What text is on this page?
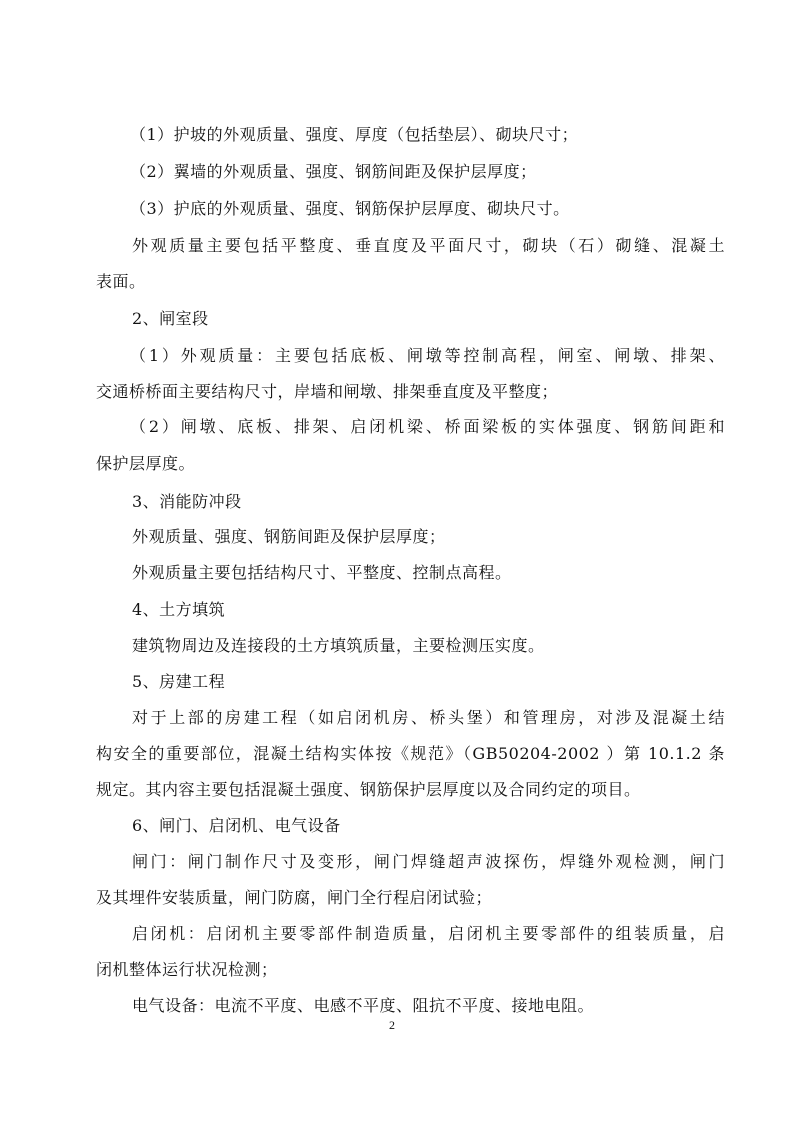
（1）护坡的外观质量、强度、厚度（包括垫层）、砌块尺寸；
（2）翼墙的外观质量、强度、钢筋间距及保护层厚度；
（3）护底的外观质量、强度、钢筋保护层厚度、砌块尺寸。
外观质量主要包括平整度、垂直度及平面尺寸，砌块（石）砌缝、混凝土
表面。
2、闸室段
（1）外观质量：主要包括底板、闸墩等控制高程，闸室、闸墩、排架、
交通桥桥面主要结构尺寸，岸墙和闸墩、排架垂直度及平整度；
（2）闸墩、底板、排架、启闭机梁、桥面梁板的实体强度、钢筋间距和
保护层厚度。
3、消能防冲段
外观质量、强度、钢筋间距及保护层厚度；
外观质量主要包括结构尺寸、平整度、控制点高程。
4、土方填筑
建筑物周边及连接段的土方填筑质量，主要检测压实度。
5、房建工程
对于上部的房建工程（如启闭机房、桥头堡）和管理房，对涉及混凝土结
构安全的重要部位，混凝土结构实体按《规范》（GB50204-2002 ）第 10.1.2 条
规定。其内容主要包括混凝土强度、钢筋保护层厚度以及合同约定的项目。
6、闸门、启闭机、电气设备
闸门：闸门制作尺寸及变形，闸门焊缝超声波探伤，焊缝外观检测，闸门
及其埋件安装质量，闸门防腐，闸门全行程启闭试验；
启闭机：启闭机主要零部件制造质量，启闭机主要零部件的组装质量，启
闭机整体运行状况检测；
电气设备：电流不平度、电感不平度、阻抗不平度、接地电阻。
2
